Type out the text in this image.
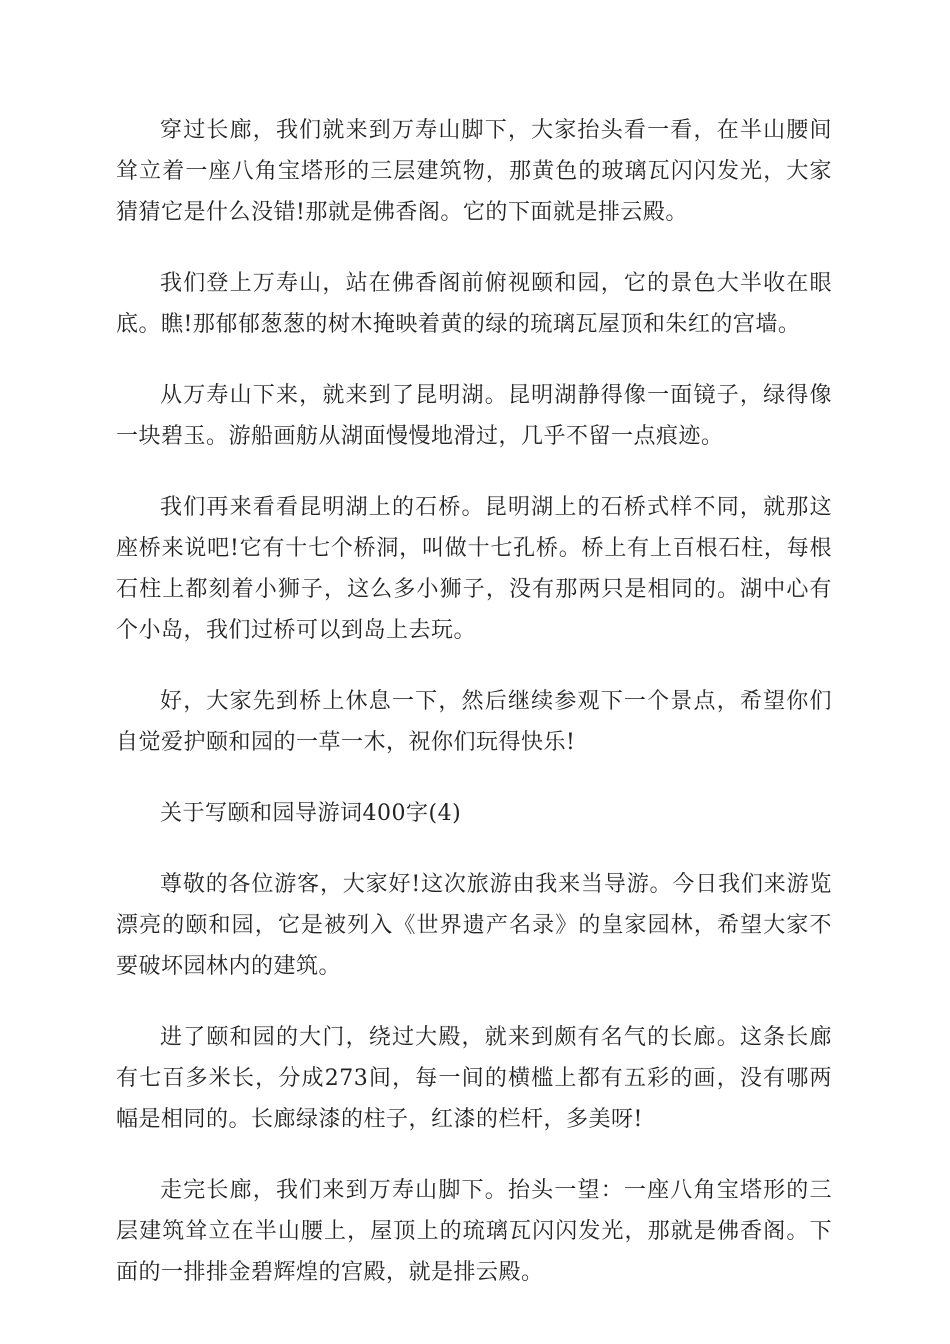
穿过长廊，我们就来到万寿山脚下，大家抬头看一看，在半山腰间耸立着一座八角宝塔形的三层建筑物，那黄色的玻璃瓦闪闪发光，大家猜猜它是什么没错!那就是佛香阁。它的下面就是排云殿。

我们登上万寿山，站在佛香阁前俯视颐和园，它的景色大半收在眼底。瞧!那郁郁葱葱的树木掩映着黄的绿的琉璃瓦屋顶和朱红的宫墙。

从万寿山下来，就来到了昆明湖。昆明湖静得像一面镜子，绿得像一块碧玉。游船画舫从湖面慢慢地滑过，几乎不留一点痕迹。

我们再来看看昆明湖上的石桥。昆明湖上的石桥式样不同，就那这座桥来说吧!它有十七个桥洞，叫做十七孔桥。桥上有上百根石柱，每根石柱上都刻着小狮子，这么多小狮子，没有那两只是相同的。湖中心有个小岛，我们过桥可以到岛上去玩。

好，大家先到桥上休息一下，然后继续参观下一个景点，希望你们自觉爱护颐和园的一草一木，祝你们玩得快乐!

关于写颐和园导游词400字(4)

尊敬的各位游客，大家好!这次旅游由我来当导游。今日我们来游览漂亮的颐和园，它是被列入《世界遗产名录》的皇家园林，希望大家不要破坏园林内的建筑。

进了颐和园的大门，绕过大殿，就来到颇有名气的长廊。这条长廊有七百多米长，分成273间，每一间的横槛上都有五彩的画，没有哪两幅是相同的。长廊绿漆的柱子，红漆的栏杆，多美呀!

走完长廊，我们来到万寿山脚下。抬头一望：一座八角宝塔形的三层建筑耸立在半山腰上，屋顶上的琉璃瓦闪闪发光，那就是佛香阁。下面的一排排金碧辉煌的宫殿，就是排云殿。
